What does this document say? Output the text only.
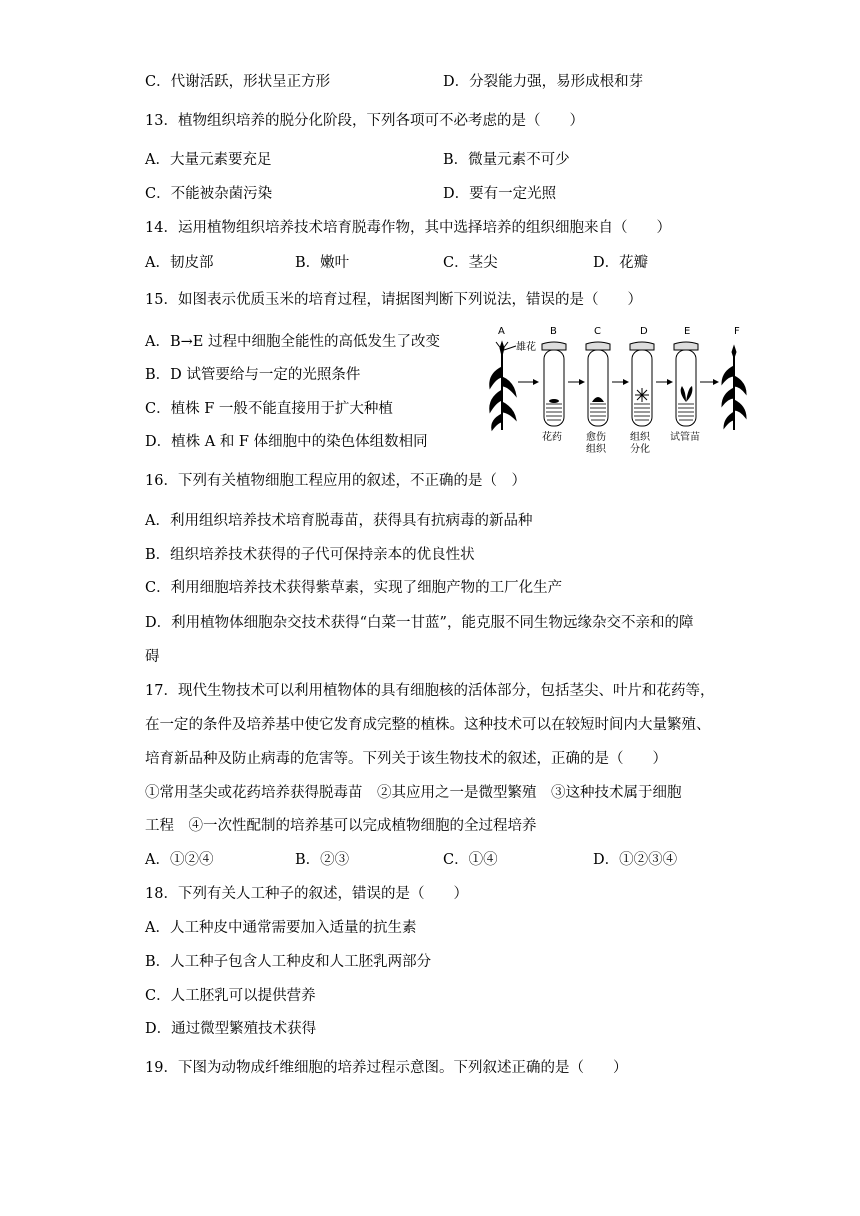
C．代谢活跃，形状呈正方形	D．分裂能力强，易形成根和芽
13．植物组织培养的脱分化阶段，下列各项可不必考虑的是（　　）
A．大量元素要充足	B．微量元素不可少
C．不能被杂菌污染	D．要有一定光照
14．运用植物组织培养技术培育脱毒作物，其中选择培养的组织细胞来自（　　）
A．韧皮部	B．嫩叶	C．茎尖	D．花瓣
15．如图表示优质玉米的培育过程，请据图判断下列说法，错误的是（　　）
A．B→E 过程中细胞全能性的高低发生了改变
B．D 试管要给与一定的光照条件
C．植株 F 一般不能直接用于扩大种植
D．植株 A 和 F 体细胞中的染色体组数相同
A	B	C	D	E	F
雄花
花药 愈伤
组织
组织
分化
试管苗
16．下列有关植物细胞工程应用的叙述，不正确的是（　）
A．利用组织培养技术培育脱毒苗，获得具有抗病毒的新品种
B．组织培养技术获得的子代可保持亲本的优良性状
C．利用细胞培养技术获得紫草素，实现了细胞产物的工厂化生产
D．利用植物体细胞杂交技术获得“白菜一甘蓝”，能克服不同生物远缘杂交不亲和的障
碍
17．现代生物技术可以利用植物体的具有细胞核的活体部分，包括茎尖、叶片和花药等，
在一定的条件及培养基中使它发育成完整的植株。这种技术可以在较短时间内大量繁殖、
培育新品种及防止病毒的危害等。下列关于该生物技术的叙述，正确的是（　　）
①常用茎尖或花药培养获得脱毒苗　②其应用之一是微型繁殖　③这种技术属于细胞
工程　④一次性配制的培养基可以完成植物细胞的全过程培养
A．①②④	B．②③	C．①④	D．①②③④
18．下列有关人工种子的叙述，错误的是（　　）
A．人工种皮中通常需要加入适量的抗生素
B．人工种子包含人工种皮和人工胚乳两部分
C．人工胚乳可以提供营养
D．通过微型繁殖技术获得
19．下图为动物成纤维细胞的培养过程示意图。下列叙述正确的是（　　）
